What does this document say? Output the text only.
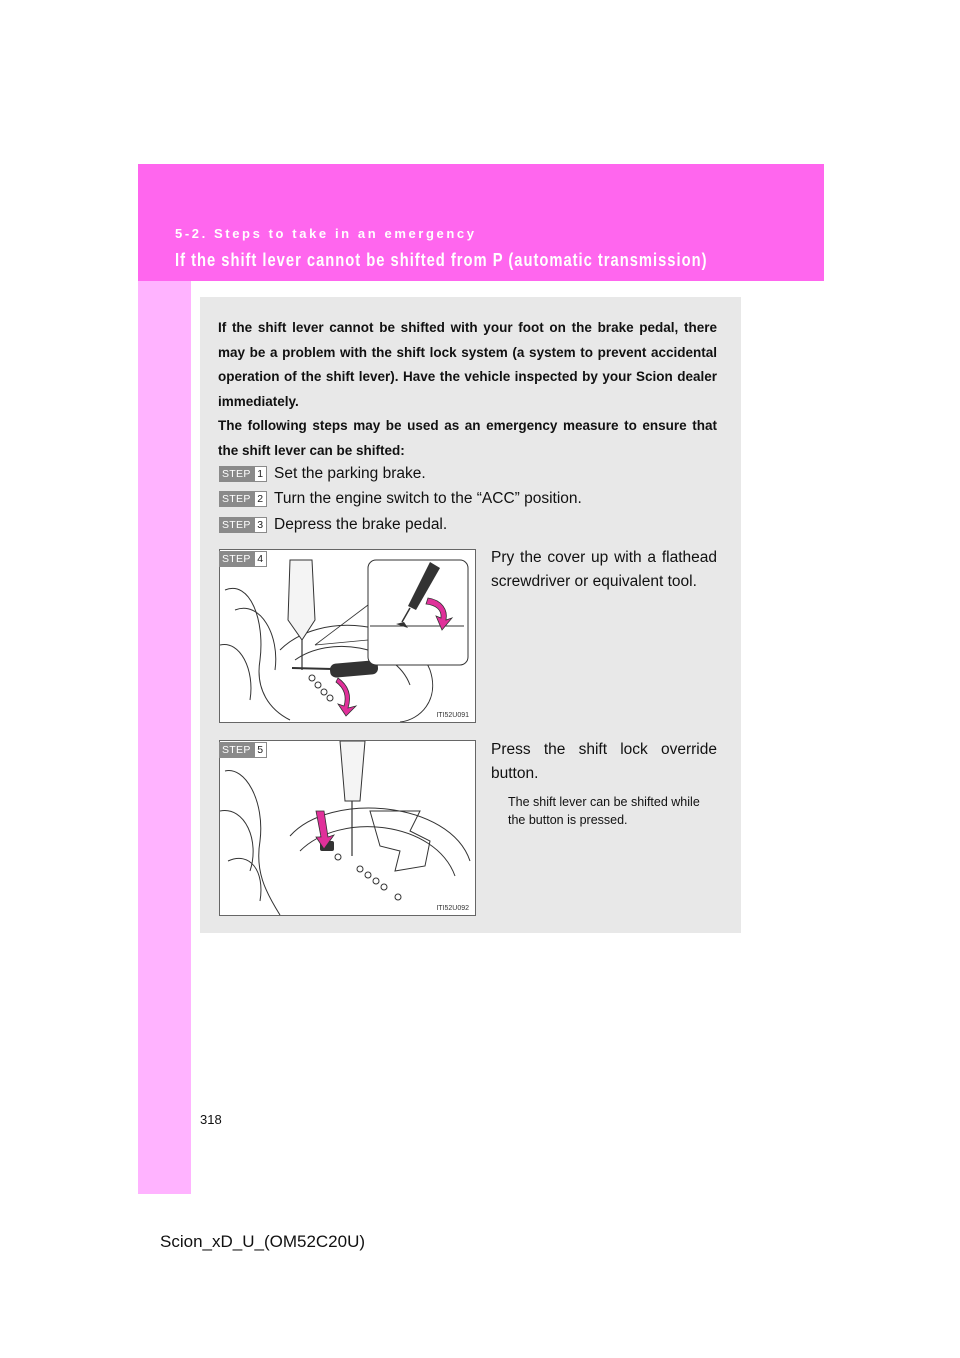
5-2. Steps to take in an emergency
If the shift lever cannot be shifted from P (automatic transmission)

If the shift lever cannot be shifted with your foot on the brake pedal, there may be a problem with the shift lock system (a system to prevent accidental operation of the shift lever). Have the vehicle inspected by your Scion dealer immediately.

The following steps may be used as an emergency measure to ensure that the shift lever can be shifted:

STEP 1 Set the parking brake.
STEP 2 Turn the engine switch to the “ACC” position.
STEP 3 Depress the brake pedal.
ITI52U091
STEP 4	Pry the cover up with a flathead screwdriver or equivalent tool.

ITI52U092
STEP 5	Press the shift lock override button.

The shift lever can be shifted while the button is pressed.

318
Scion_xD_U_(OM52C20U)
